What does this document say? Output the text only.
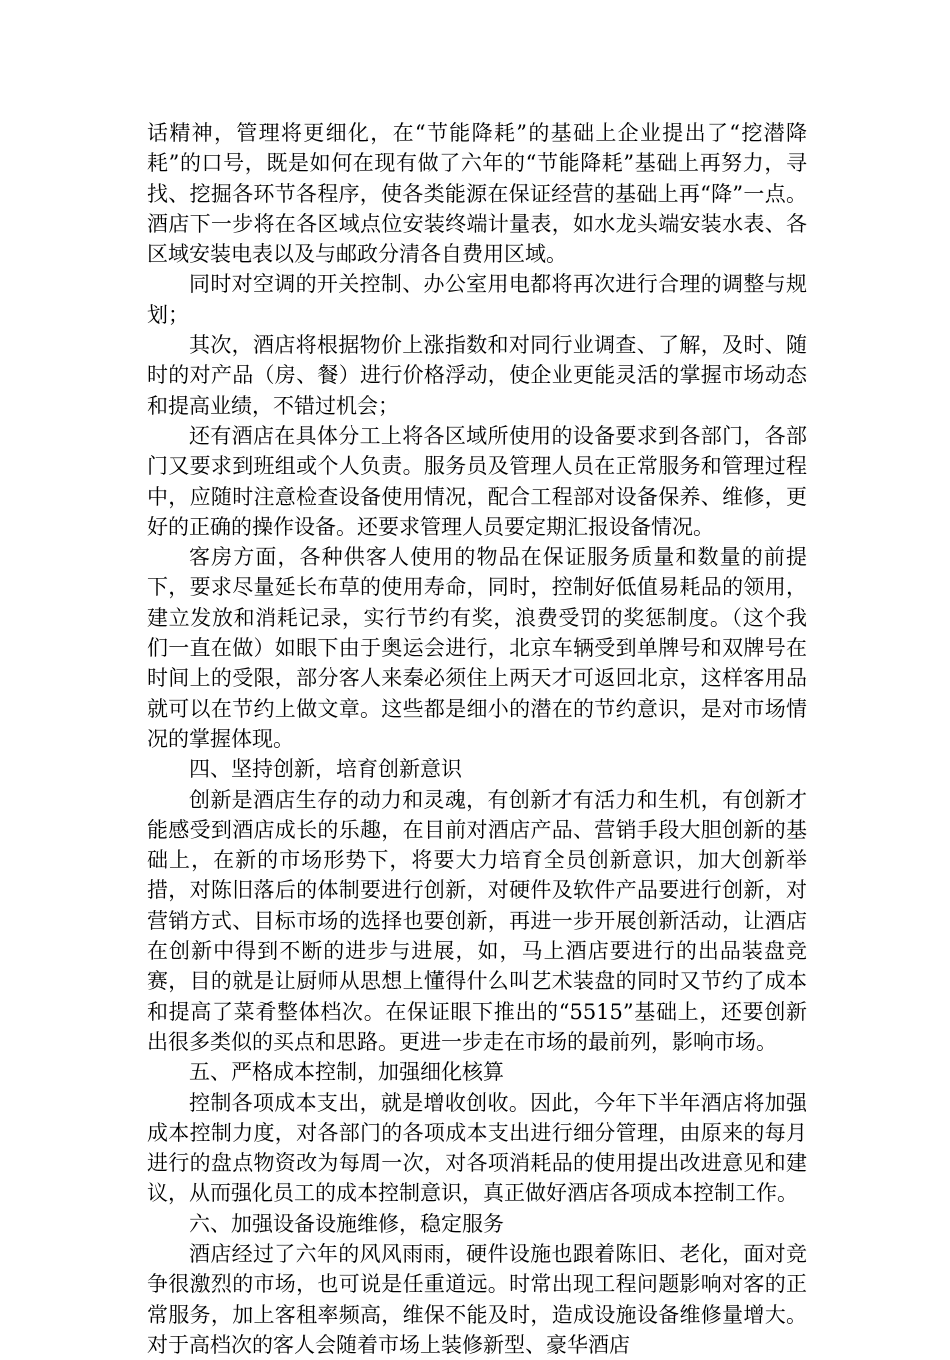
话精神，管理将更细化，在“节能降耗”的基础上企业提出了“挖潜降耗”的口号，既是如何在现有做了六年的“节能降耗”基础上再努力，寻找、挖掘各环节各程序，使各类能源在保证经营的基础上再“降”一点。酒店下一步将在各区域点位安装终端计量表，如水龙头端安装水表、各区域安装电表以及与邮政分清各自费用区域。

同时对空调的开关控制、办公室用电都将再次进行合理的调整与规划；

其次，酒店将根据物价上涨指数和对同行业调查、了解，及时、随时的对产品（房、餐）进行价格浮动，使企业更能灵活的掌握市场动态和提高业绩，不错过机会；

还有酒店在具体分工上将各区域所使用的设备要求到各部门，各部门又要求到班组或个人负责。服务员及管理人员在正常服务和管理过程中，应随时注意检查设备使用情况，配合工程部对设备保养、维修，更好的正确的操作设备。还要求管理人员要定期汇报设备情况。

客房方面，各种供客人使用的物品在保证服务质量和数量的前提下，要求尽量延长布草的使用寿命，同时，控制好低值易耗品的领用，建立发放和消耗记录，实行节约有奖，浪费受罚的奖惩制度。（这个我们一直在做）如眼下由于奥运会进行，北京车辆受到单牌号和双牌号在时间上的受限，部分客人来秦必须住上两天才可返回北京，这样客用品就可以在节约上做文章。这些都是细小的潜在的节约意识，是对市场情况的掌握体现。

四、坚持创新，培育创新意识

创新是酒店生存的动力和灵魂，有创新才有活力和生机，有创新才能感受到酒店成长的乐趣，在目前对酒店产品、营销手段大胆创新的基础上，在新的市场形势下，将要大力培育全员创新意识，加大创新举措，对陈旧落后的体制要进行创新，对硬件及软件产品要进行创新，对营销方式、目标市场的选择也要创新，再进一步开展创新活动，让酒店在创新中得到不断的进步与进展，如，马上酒店要进行的出品装盘竞赛，目的就是让厨师从思想上懂得什么叫艺术装盘的同时又节约了成本和提高了菜肴整体档次。在保证眼下推出的“5515”基础上，还要创新出很多类似的买点和思路。更进一步走在市场的最前列，影响市场。

五、严格成本控制，加强细化核算

控制各项成本支出，就是增收创收。因此，今年下半年酒店将加强成本控制力度，对各部门的各项成本支出进行细分管理，由原来的每月进行的盘点物资改为每周一次，对各项消耗品的使用提出改进意见和建议，从而强化员工的成本控制意识，真正做好酒店各项成本控制工作。

六、加强设备设施维修，稳定服务

酒店经过了六年的风风雨雨，硬件设施也跟着陈旧、老化，面对竞争很激烈的市场，也可说是任重道远。时常出现工程问题影响对客的正常服务，加上客租率频高，维保不能及时，造成设施设备维修量增大。对于高档次的客人会随着市场上装修新型、豪华酒店
